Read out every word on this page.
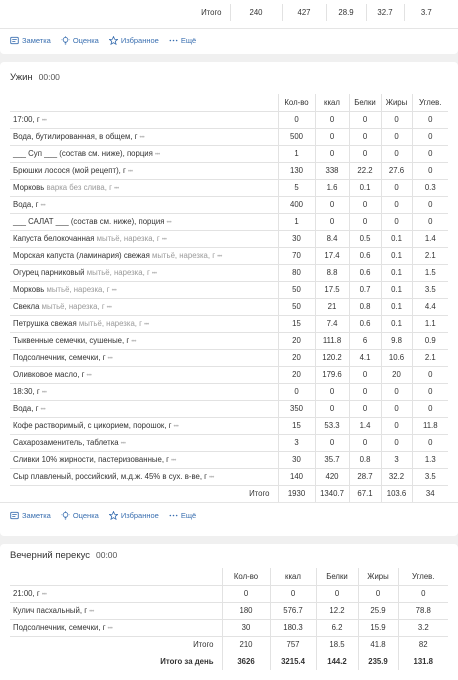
Итого	240	427	28.9	32.7	3.7
Заметка	Оценка	Избранное	Ещё
Ужин 00:00
	Кол-во	ккал	Белки	Жиры	Углев.
17:00, г •••	0	0	0	0	0
Вода, бутилированная, в общем, г •••	500	0	0	0	0
___ Суп ___ (состав см. ниже), порция •••	1	0	0	0	0
Брюшки лосося (мой рецепт), г •••	130	338	22.2	27.6	0
Морковь варка без слива, г •••	5	1.6	0.1	0	0.3
Вода, г •••	400	0	0	0	0
___ САЛАТ ___ (состав см. ниже), порция •••	1	0	0	0	0
Капуста белокочанная мытьё, нарезка, г •••	30	8.4	0.5	0.1	1.4
Морская капуста (ламинария) свежая мытьё, нарезка, г •••	70	17.4	0.6	0.1	2.1
Огурец парниковый мытьё, нарезка, г •••	80	8.8	0.6	0.1	1.5
Морковь мытьё, нарезка, г •••	50	17.5	0.7	0.1	3.5
Свекла мытьё, нарезка, г •••	50	21	0.8	0.1	4.4
Петрушка свежая мытьё, нарезка, г •••	15	7.4	0.6	0.1	1.1
Тыквенные семечки, сушеные, г •••	20	111.8	6	9.8	0.9
Подсолнечник, семечки, г •••	20	120.2	4.1	10.6	2.1
Оливковое масло, г •••	20	179.6	0	20	0
18:30, г •••	0	0	0	0	0
Вода, г •••	350	0	0	0	0
Кофе растворимый, с цикорием, порошок, г •••	15	53.3	1.4	0	11.8
Сахарозаменитель, таблетка •••	3	0	0	0	0
Сливки 10% жирности, пастеризованные, г •••	30	35.7	0.8	3	1.3
Сыр плавленый, российский, м.д.ж. 45% в сух. в-ве, г •••	140	420	28.7	32.2	3.5
Итого	1930	1340.7	67.1	103.6	34
Заметка	Оценка	Избранное	Ещё
Вечерний перекус 00:00
	Кол-во	ккал	Белки	Жиры	Углев.
21:00, г •••	0	0	0	0	0
Кулич пасхальный, г •••	180	576.7	12.2	25.9	78.8
Подсолнечник, семечки, г •••	30	180.3	6.2	15.9	3.2
Итого	210	757	18.5	41.8	82
Итого за день	3626	3215.4	144.2	235.9	131.8
